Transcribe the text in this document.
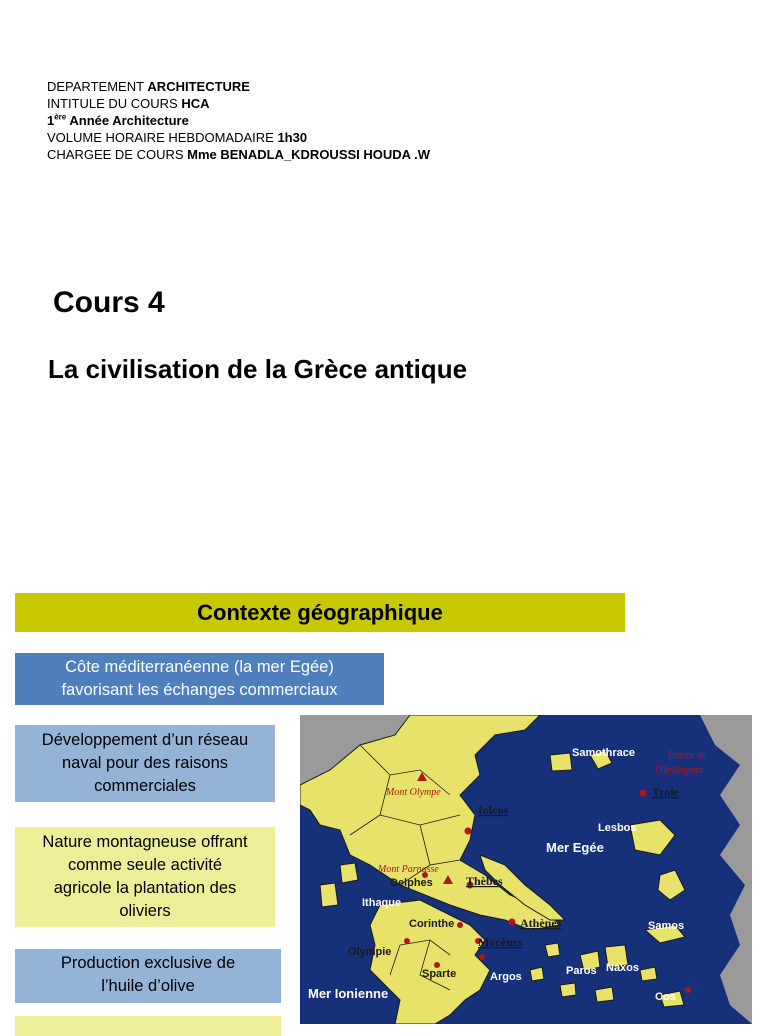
DEPARTEMENT ARCHITECTURE
INTITULE DU COURS HCA
1ère Année Architecture
VOLUME HORAIRE HEBDOMADAIRE 1h30
CHARGEE DE COURS Mme BENADLA_KDROUSSI HOUDA .W
Cours 4
La civilisation de la Grèce antique
Contexte géographique
Côte méditerranéenne (la mer Egée)
favorisant les échanges commerciaux
Développement d’un réseau
naval pour des raisons
commerciales
Nature montagneuse offrant
comme seule activité
agricole la plantation des
oliviers
Production exclusive de
l’huile d’olive
Samothrace	Entrée de
l'Hellespont
Troie
Mont Olympe
Iolcos
Lesbos
Mer Egée
Mont Parnasse
Delphes	Thèbes
Ithaque
Corinthe	Athènes	Samos
Olympie
Mycènes
Paros Naxos
Sparte	Argos
Mer Ionienne	Cos
